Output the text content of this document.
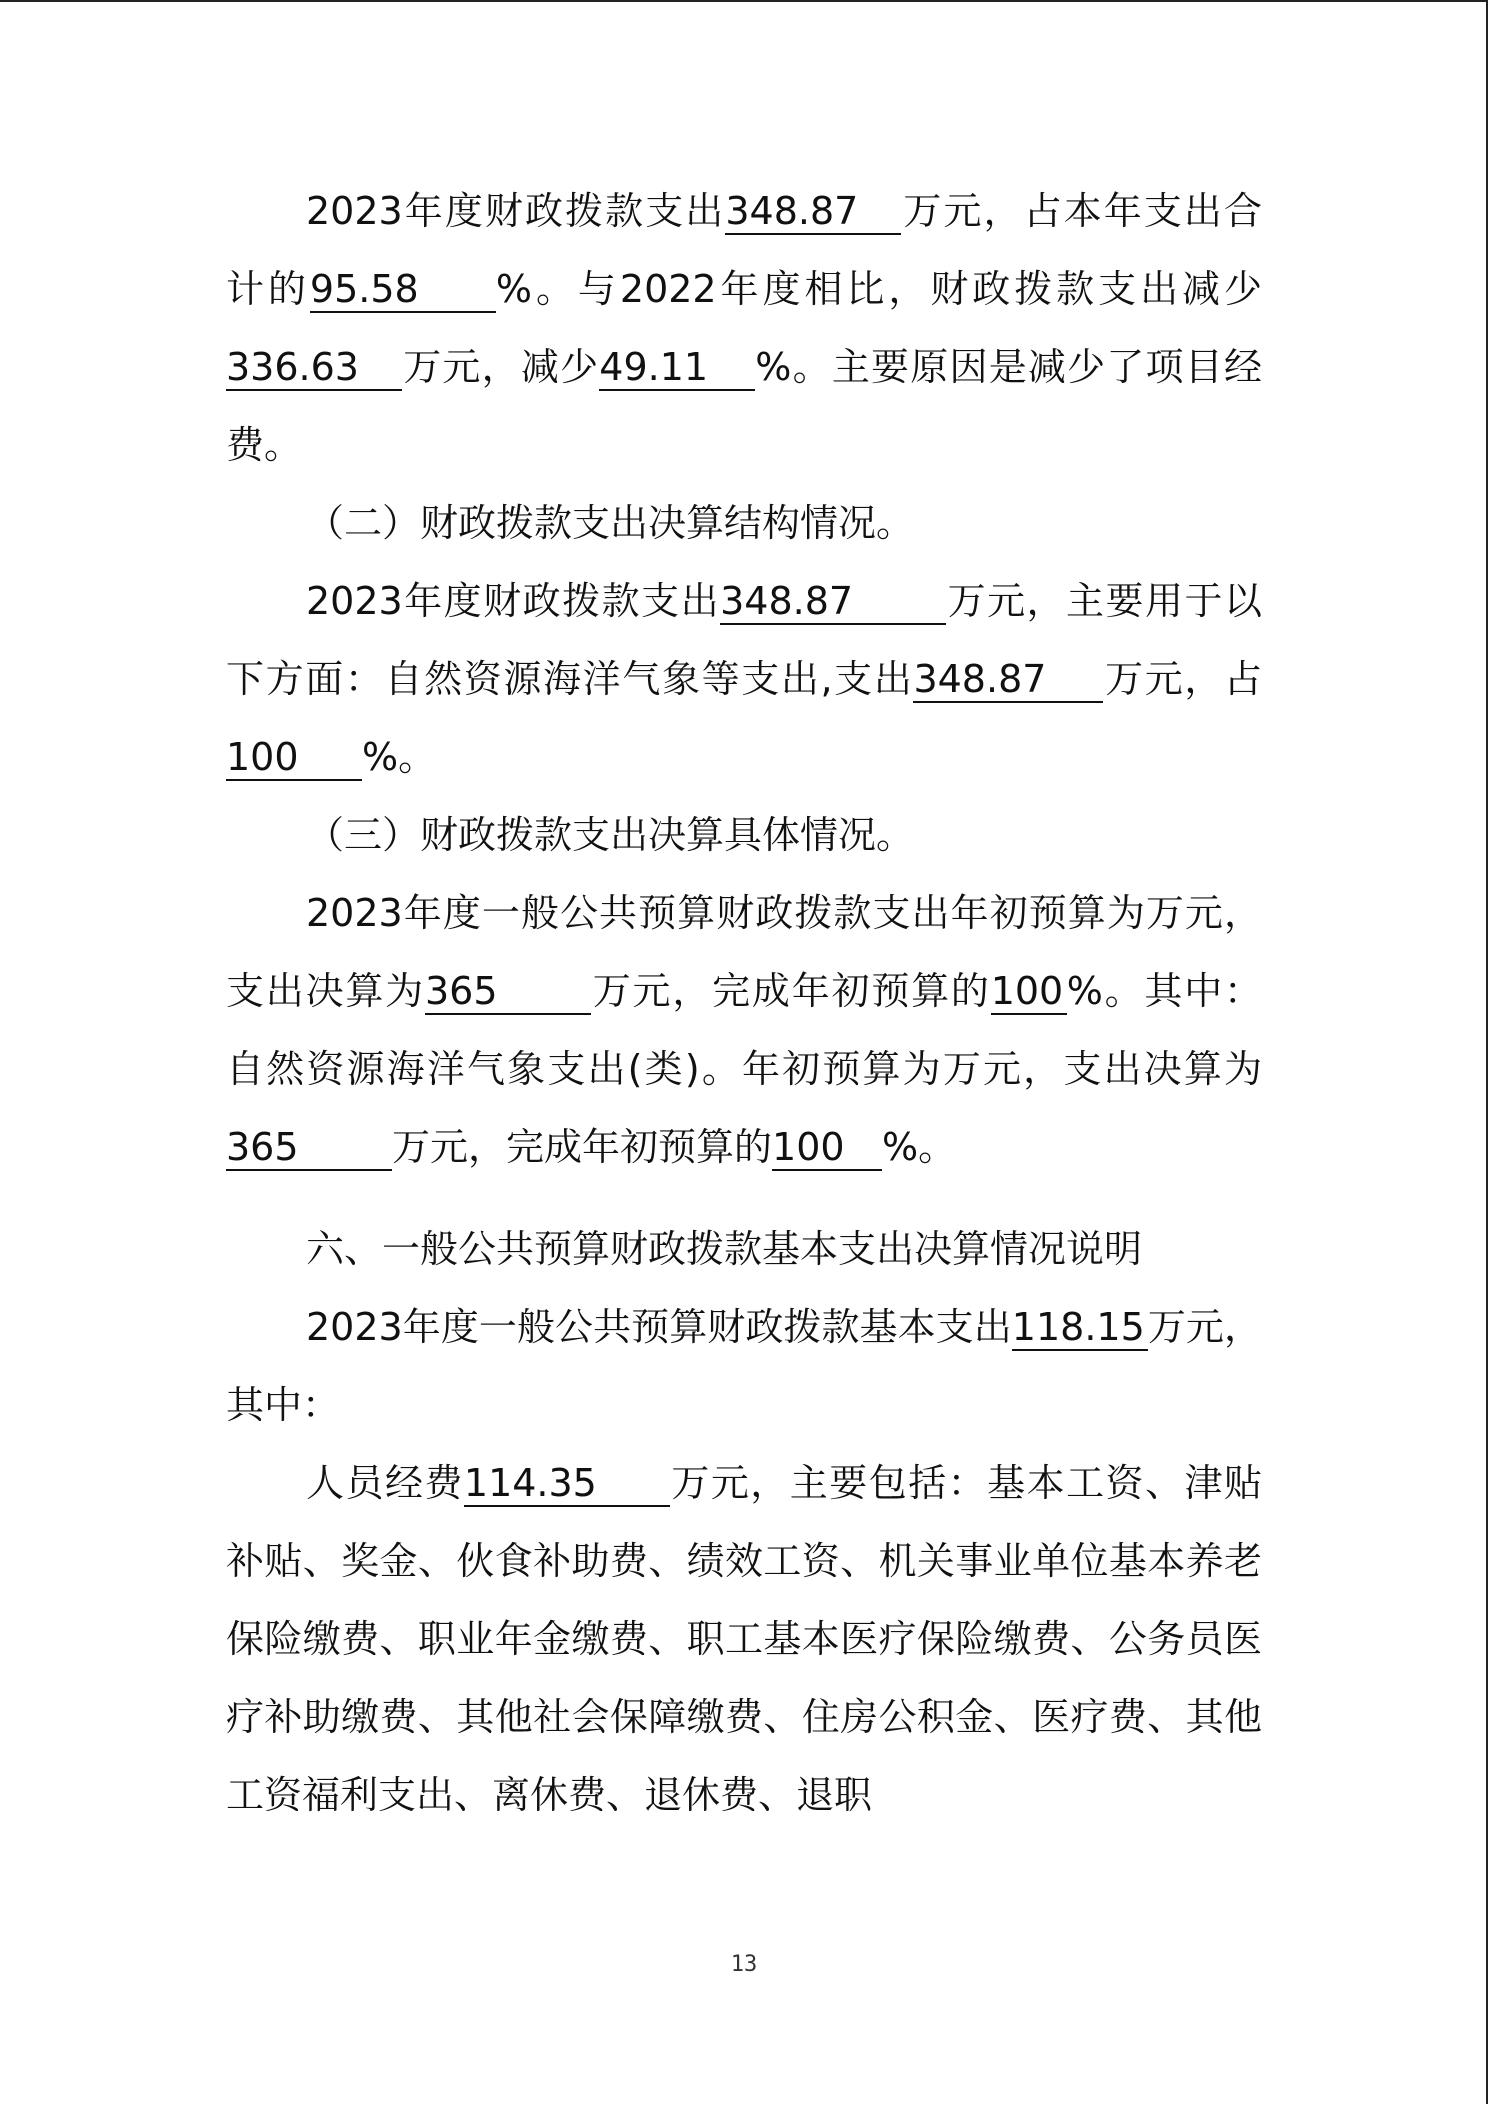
2023年度财政拨款支出348.87 万元，占本年支出合计的95.58 %。与2022年度相比，财政拨款支出减少336.63 万元，减少49.11 %。主要原因是减少了项目经费。

（二）财政拨款支出决算结构情况。

2023年度财政拨款支出348.87 万元，主要用于以下方面：自然资源海洋气象等支出,支出348.87 万元，占100 %。

（三）财政拨款支出决算具体情况。

2023年度一般公共预算财政拨款支出年初预算为万元，支出决算为365 万元，完成年初预算的100%。其中：自然资源海洋气象支出(类)。年初预算为万元，支出决算为365 万元，完成年初预算的100 %。

六、一般公共预算财政拨款基本支出决算情况说明

2023年度一般公共预算财政拨款基本支出118.15万元，其中：

人员经费114.35 万元，主要包括：基本工资、津贴补贴、奖金、伙食补助费、绩效工资、机关事业单位基本养老保险缴费、职业年金缴费、职工基本医疗保险缴费、公务员医疗补助缴费、其他社会保障缴费、住房公积金、医疗费、其他工资福利支出、离休费、退休费、退职

13
